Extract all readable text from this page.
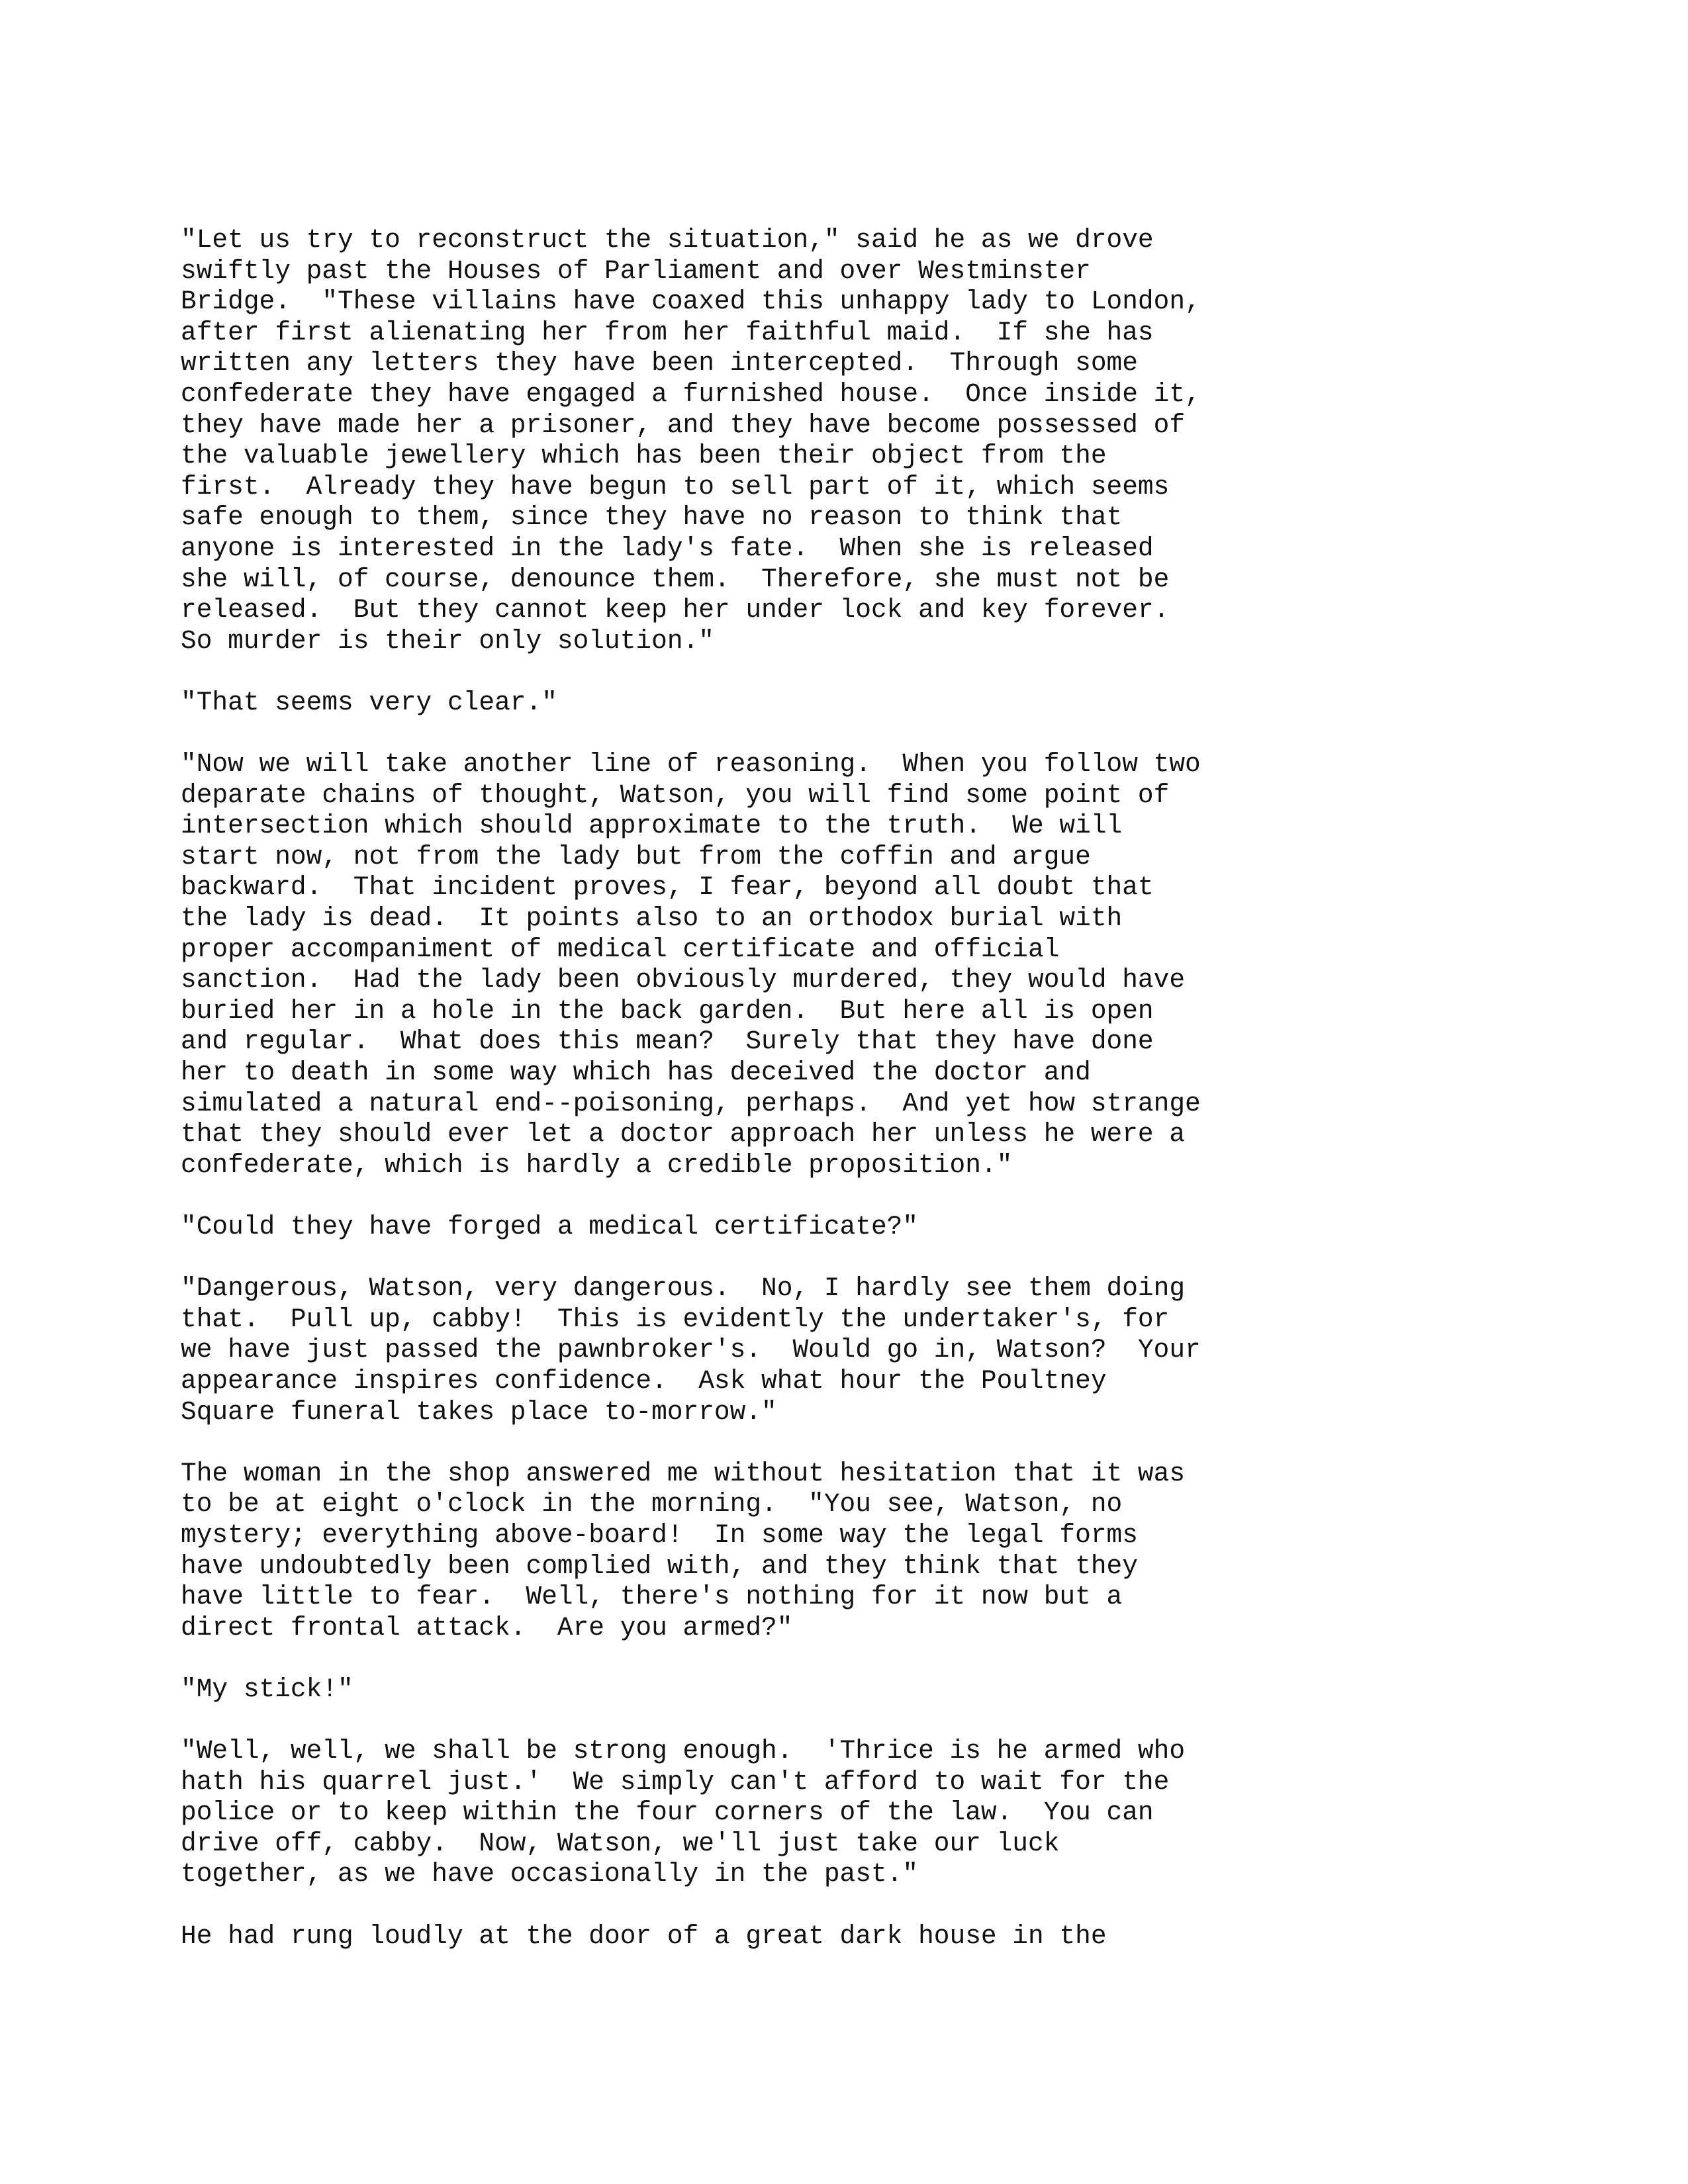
"Let us try to reconstruct the situation," said he as we drove
swiftly past the Houses of Parliament and over Westminster
Bridge.  "These villains have coaxed this unhappy lady to London,
after first alienating her from her faithful maid.  If she has
written any letters they have been intercepted.  Through some
confederate they have engaged a furnished house.  Once inside it,
they have made her a prisoner, and they have become possessed of
the valuable jewellery which has been their object from the
first.  Already they have begun to sell part of it, which seems
safe enough to them, since they have no reason to think that
anyone is interested in the lady's fate.  When she is released
she will, of course, denounce them.  Therefore, she must not be
released.  But they cannot keep her under lock and key forever.
So murder is their only solution."
"That seems very clear."
"Now we will take another line of reasoning.  When you follow two
deparate chains of thought, Watson, you will find some point of
intersection which should approximate to the truth.  We will
start now, not from the lady but from the coffin and argue
backward.  That incident proves, I fear, beyond all doubt that
the lady is dead.  It points also to an orthodox burial with
proper accompaniment of medical certificate and official
sanction.  Had the lady been obviously murdered, they would have
buried her in a hole in the back garden.  But here all is open
and regular.  What does this mean?  Surely that they have done
her to death in some way which has deceived the doctor and
simulated a natural end--poisoning, perhaps.  And yet how strange
that they should ever let a doctor approach her unless he were a
confederate, which is hardly a credible proposition."
"Could they have forged a medical certificate?"
"Dangerous, Watson, very dangerous.  No, I hardly see them doing
that.  Pull up, cabby!  This is evidently the undertaker's, for
we have just passed the pawnbroker's.  Would go in, Watson?  Your
appearance inspires confidence.  Ask what hour the Poultney
Square funeral takes place to-morrow."
The woman in the shop answered me without hesitation that it was
to be at eight o'clock in the morning.  "You see, Watson, no
mystery; everything above-board!  In some way the legal forms
have undoubtedly been complied with, and they think that they
have little to fear.  Well, there's nothing for it now but a
direct frontal attack.  Are you armed?"
"My stick!"
"Well, well, we shall be strong enough.  'Thrice is he armed who
hath his quarrel just.'  We simply can't afford to wait for the
police or to keep within the four corners of the law.  You can
drive off, cabby.  Now, Watson, we'll just take our luck
together, as we have occasionally in the past."
He had rung loudly at the door of a great dark house in the
